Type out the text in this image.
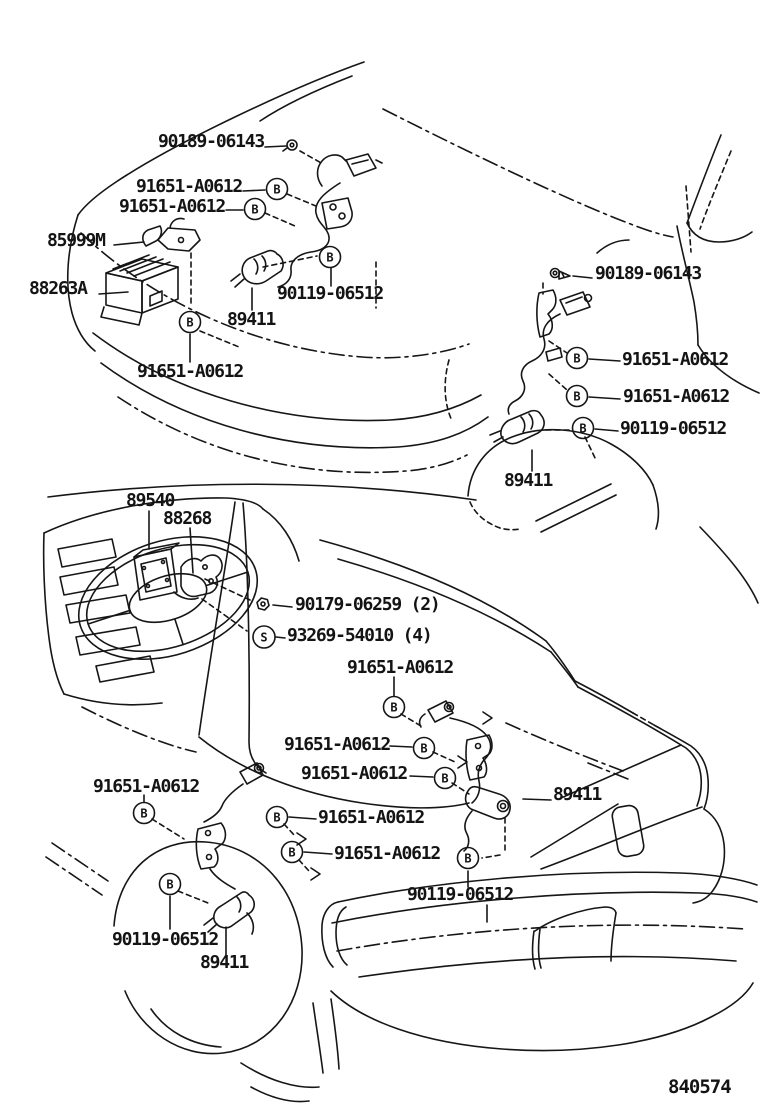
B
B
B
B
B
B
B
B
B
B
B	B
B
B
B
S
90189-06143
91651-A0612
91651-A0612
85999M
88263A	90119-06512
89411
91651-A0612
90189-06143
91651-A0612
91651-A0612
90119-06512
89411
89540
88268
90179-06259 (2)
93269-54010 (4)
91651-A0612
91651-A0612
91651-A0612
91651-A0612
91651-A0612
91651-A0612
89411
90119-06512
90119-06512
89411
840574
